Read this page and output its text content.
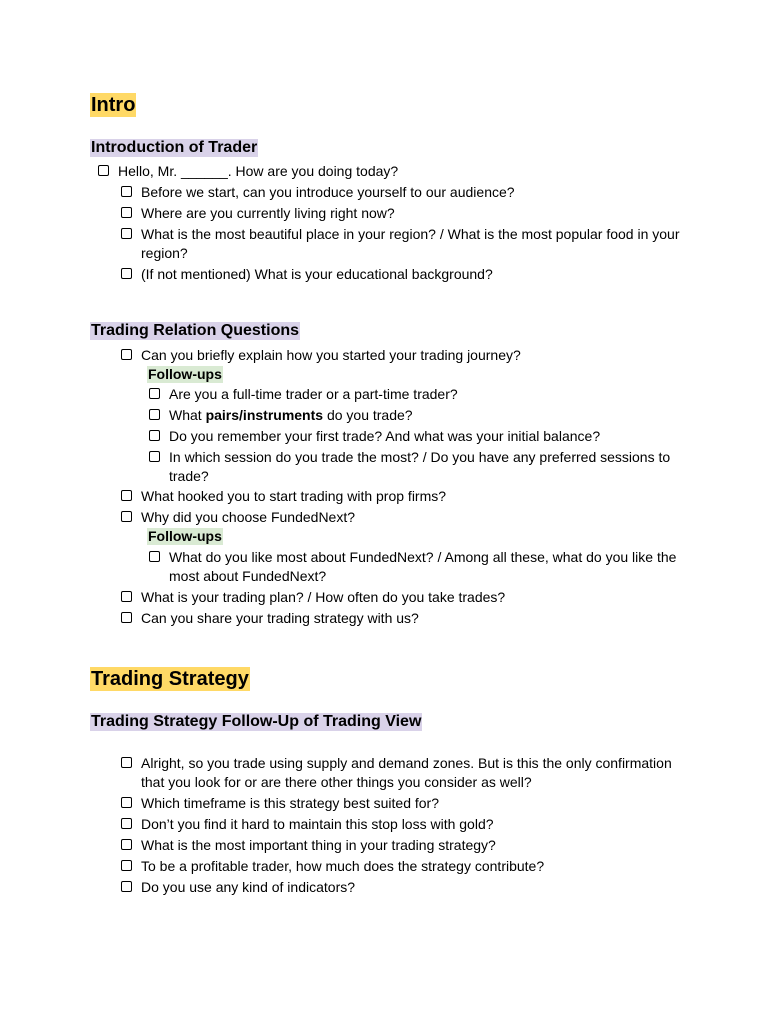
Intro
Introduction of Trader
Hello, Mr. ______. How are you doing today?
Before we start, can you introduce yourself to our audience?
Where are you currently living right now?
What is the most beautiful place in your region? / What is the most popular food in your region?
(If not mentioned) What is your educational background?
Trading Relation Questions
Can you briefly explain how you started your trading journey?
Follow-ups
Are you a full-time trader or a part-time trader?
What pairs/instruments do you trade?
Do you remember your first trade? And what was your initial balance?
In which session do you trade the most? / Do you have any preferred sessions to trade?
What hooked you to start trading with prop firms?
Why did you choose FundedNext?
Follow-ups
What do you like most about FundedNext? / Among all these, what do you like the most about FundedNext?
What is your trading plan? / How often do you take trades?
Can you share your trading strategy with us?
Trading Strategy
Trading Strategy Follow-Up of Trading View
Alright, so you trade using supply and demand zones. But is this the only confirmation that you look for or are there other things you consider as well?
Which timeframe is this strategy best suited for?
Don’t you find it hard to maintain this stop loss with gold?
What is the most important thing in your trading strategy?
To be a profitable trader, how much does the strategy contribute?
Do you use any kind of indicators?
